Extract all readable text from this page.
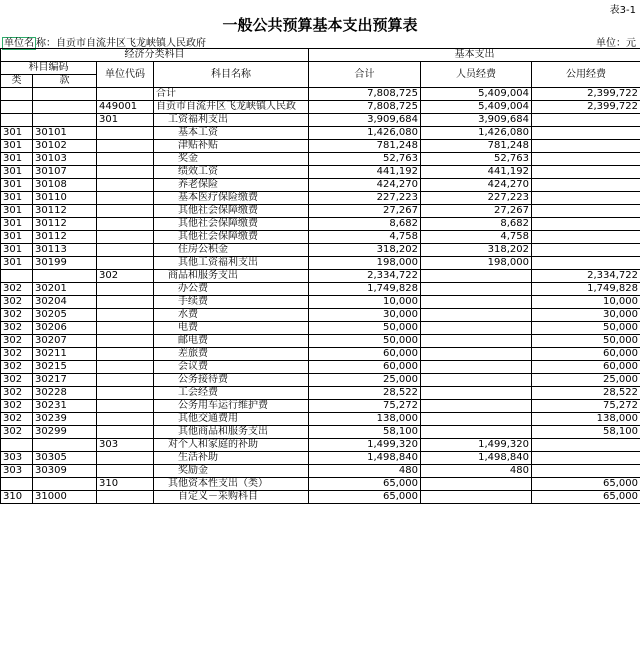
表3-1
一般公共预算基本支出预算表
单位名 称：自贡市自流井区飞龙峡镇人民政府	单位：元
经济分类科目				基本支出		
科目编码		单位代码	科目名称	合计	人员经费	公用经费
类	款					
			合计	7,808,725	5,409,004	2,399,722
		449001	自贡市自流井区飞龙峡镇人民政	7,808,725	5,409,004	2,399,722
		301	工资福利支出	3,909,684	3,909,684	
301	30101		基本工资	1,426,080	1,426,080	
301	30102		津贴补贴	781,248	781,248	
301	30103		奖金	52,763	52,763	
301	30107		绩效工资	441,192	441,192	
301	30108		养老保险	424,270	424,270	
301	30110		基本医疗保险缴费	227,223	227,223	
301	30112		其他社会保障缴费	27,267	27,267	
301	30112		其他社会保障缴费	8,682	8,682	
301	30112		其他社会保障缴费	4,758	4,758	
301	30113		住房公积金	318,202	318,202	
301	30199		其他工资福利支出	198,000	198,000	
		302	商品和服务支出	2,334,722		2,334,722
302	30201		办公费	1,749,828		1,749,828
302	30204		手续费	10,000		10,000
302	30205		水费	30,000		30,000
302	30206		电费	50,000		50,000
302	30207		邮电费	50,000		50,000
302	30211		差旅费	60,000		60,000
302	30215		会议费	60,000		60,000
302	30217		公务接待费	25,000		25,000
302	30228		工会经费	28,522		28,522
302	30231		公务用车运行维护费	75,272		75,272
302	30239		其他交通费用	138,000		138,000
302	30299		其他商品和服务支出	58,100		58,100
		303	对个人和家庭的补助	1,499,320	1,499,320	
303	30305		生活补助	1,498,840	1,498,840	
303	30309		奖励金	480	480	
		310	其他资本性支出（类）	65,000		65,000
310	31000		自定义－采购科目	65,000		65,000
